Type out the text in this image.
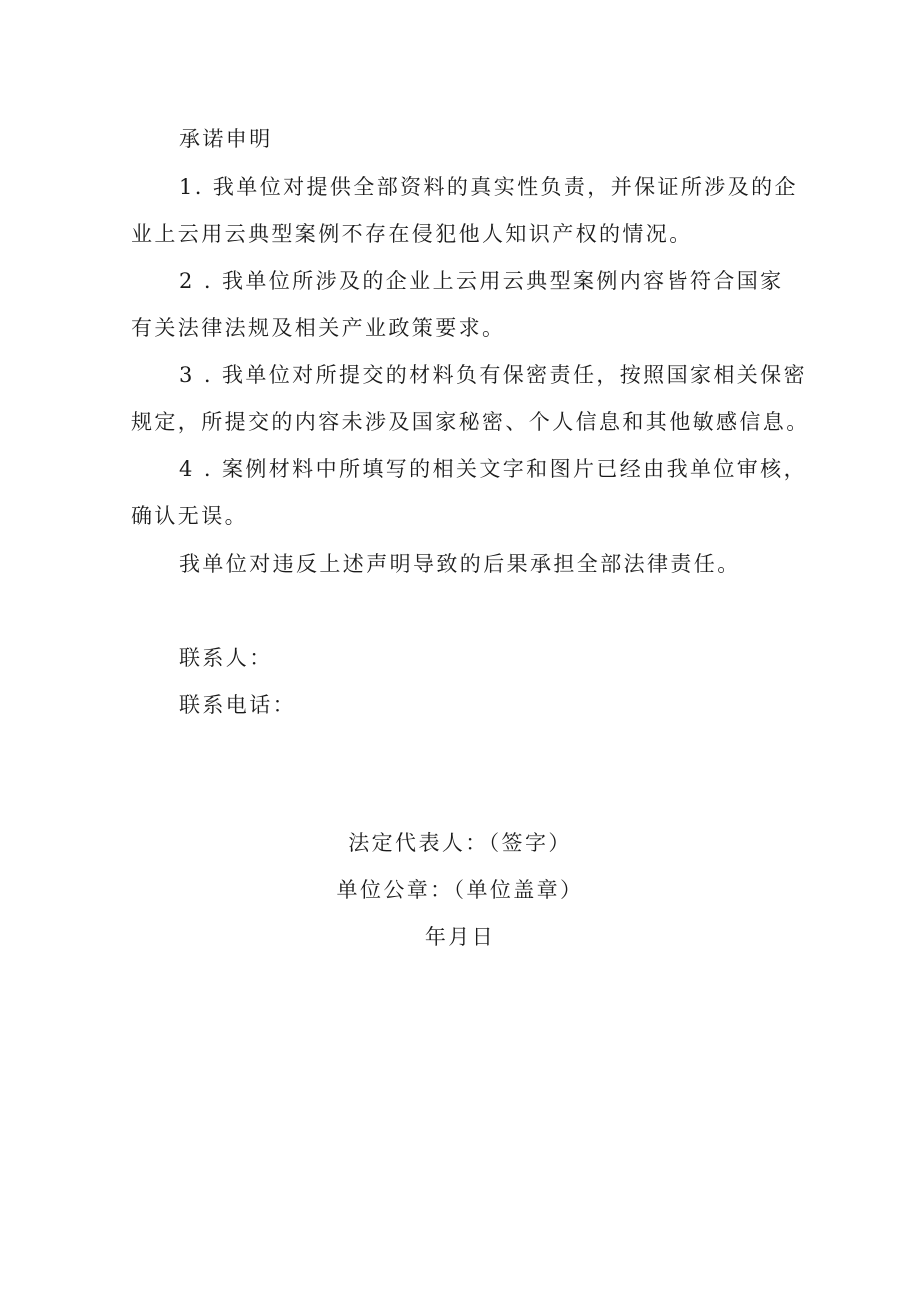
承诺申明
1. 我单位对提供全部资料的真实性负责，并保证所涉及的企
业上云用云典型案例不存在侵犯他人知识产权的情况。
2 . 我单位所涉及的企业上云用云典型案例内容皆符合国家
有关法律法规及相关产业政策要求。
3 . 我单位对所提交的材料负有保密责任，按照国家相关保密
规定，所提交的内容未涉及国家秘密、个人信息和其他敏感信息。
4 . 案例材料中所填写的相关文字和图片已经由我单位审核，
确认无误。
我单位对违反上述声明导致的后果承担全部法律责任。
联系人：
联系电话：
法定代表人：（签字）
单位公章：（单位盖章）
年月日
